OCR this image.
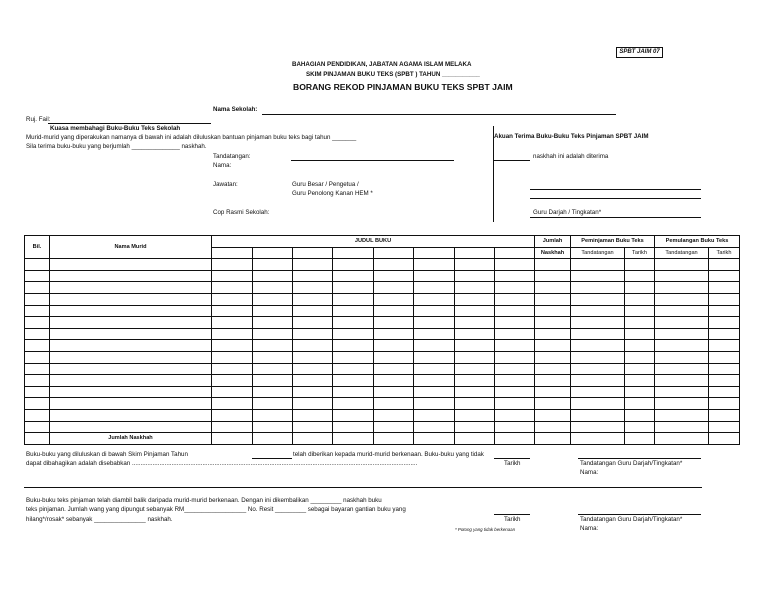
SPBT JAIM 07
BAHAGIAN PENDIDIKAN, JABATAN AGAMA ISLAM MELAKA
SKIM PINJAMAN BUKU TEKS (SPBT ) TAHUN ___________
BORANG REKOD PINJAMAN BUKU TEKS SPBT JAIM
Nama Sekolah:
Ruj. Fail:
Kuasa membahagi Buku-Buku Teks Sekolah
Murid-murid yang diperakukan namanya di bawah ini adalah diluluskan bantuan pinjaman buku teks bagi tahun _______
Sila terima buku-buku yang berjumlah ______________ naskhah.
Tandatangan:
Nama:
Jawatan:	Guru Besar / Pengetua /
Guru Penolong Kanan HEM *
Cop Rasmi Sekolah:
Akuan Terima Buku-Buku Teks Pinjaman SPBT JAIM
naskhah ini adalah diterima
Guru Darjah / Tingkatan*
Bil.	Nama Murid	JUDUL BUKU								Jumlah	Peminjaman Buku Teks		Pemulangan Buku Teks	
										Naskhah	Tandatangan	Tarikh	Tandatangan	Tarikh

	Jumlah Naskhah													
Buku-buku yang diluluskan di bawah Skim Pinjaman Tahun	telah diberikan kepada murid-murid berkenaan. Buku-buku yang tidak
dapat dibahagikan adalah disebabkan ......................................................................................................................................................................	Tarikh	Tandatangan Guru Darjah/Tingkatan*
Nama:
Buku-buku teks pinjaman telah diambil balik daripada murid-murid berkenaan. Dengan ini dikembalikan _________ naskhah buku
teks pinjaman. Jumlah wang yang dipungut sebanyak RM__________________ No. Resit _________ sebagai bayaran gantian buku yang
hilang*/rosak* sebanyak _______________ naskhah.	Tarikh	Tandatangan Guru Darjah/Tingkatan*
Nama:
* Potong yang tidak berkenaan
